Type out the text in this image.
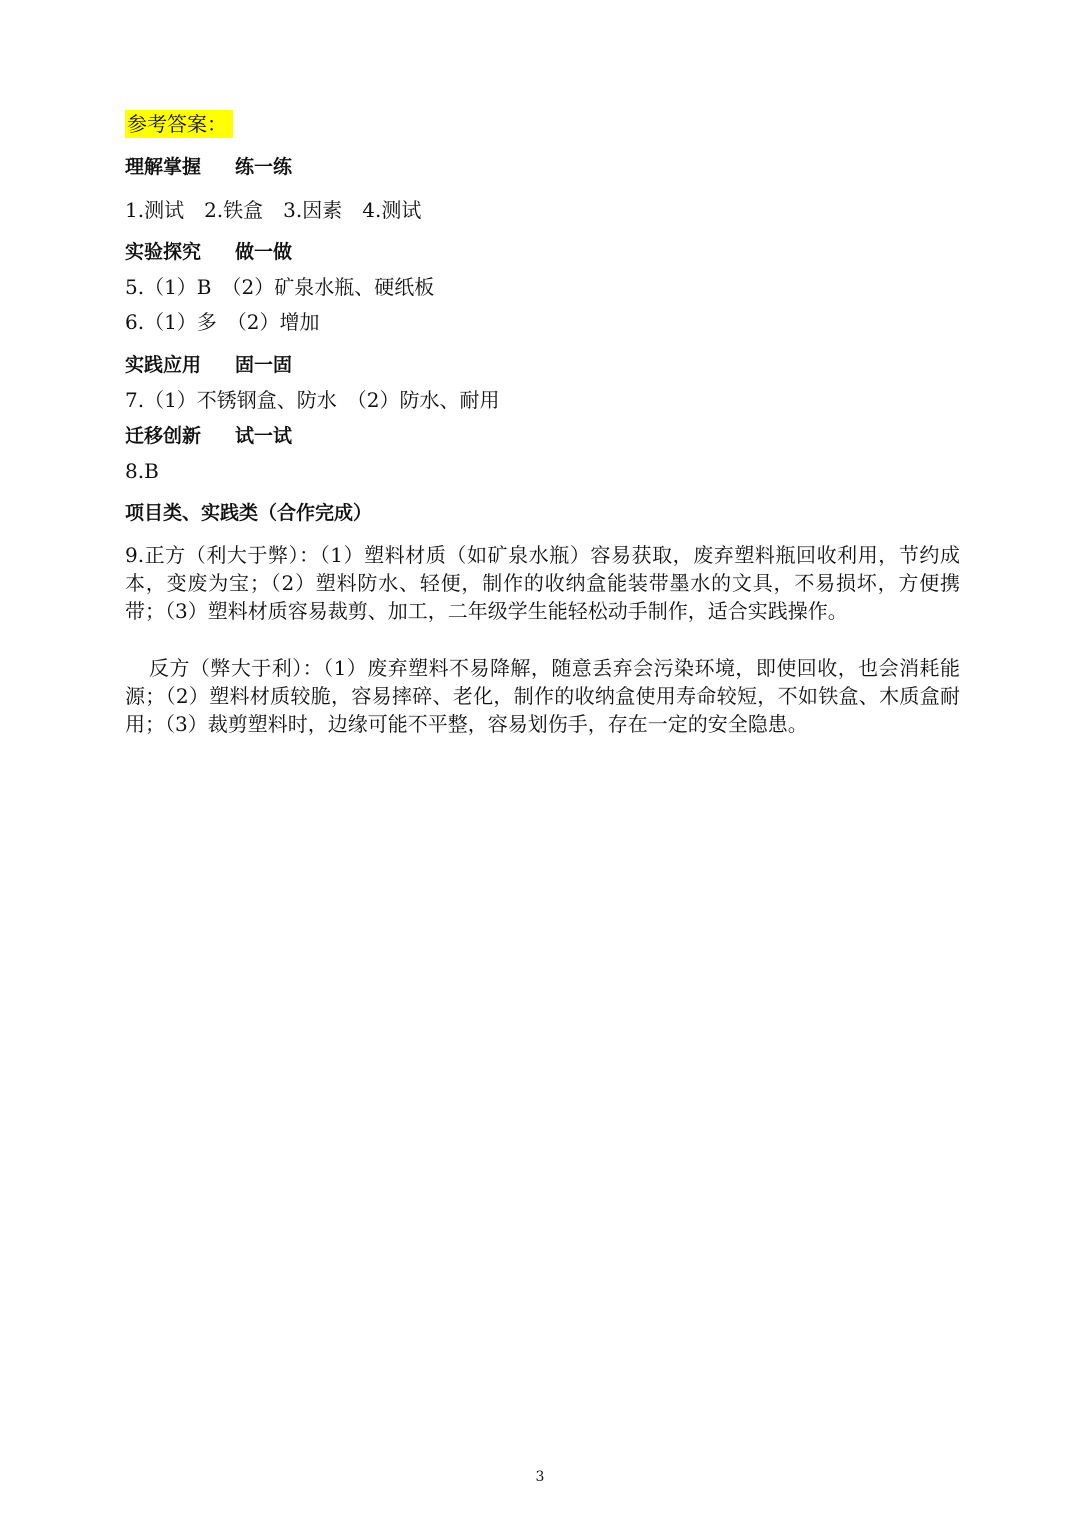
参考答案：
理解掌握 练一练
1.测试　2.铁盒　3.因素　4.测试
实验探究 做一做
5.（1）B　（2）矿泉水瓶、硬纸板
6.（1）多　（2）增加
实践应用 固一固
7.（1）不锈钢盒、防水　（2）防水、耐用
迁移创新 试一试
8.B
项目类、实践类（合作完成）
9.正方（利大于弊）：（1）塑料材质（如矿泉水瓶）容易获取，废弃塑料瓶回收利用，节约成本，变废为宝；（2）塑料防水、轻便，制作的收纳盒能装带墨水的文具，不易损坏，方便携带；（3）塑料材质容易裁剪、加工，二年级学生能轻松动手制作，适合实践操作。
反方（弊大于利）：（1）废弃塑料不易降解，随意丢弃会污染环境，即使回收，也会消耗能源；（2）塑料材质较脆，容易摔碎、老化，制作的收纳盒使用寿命较短，不如铁盒、木质盒耐用；（3）裁剪塑料时，边缘可能不平整，容易划伤手，存在一定的安全隐患。
3
